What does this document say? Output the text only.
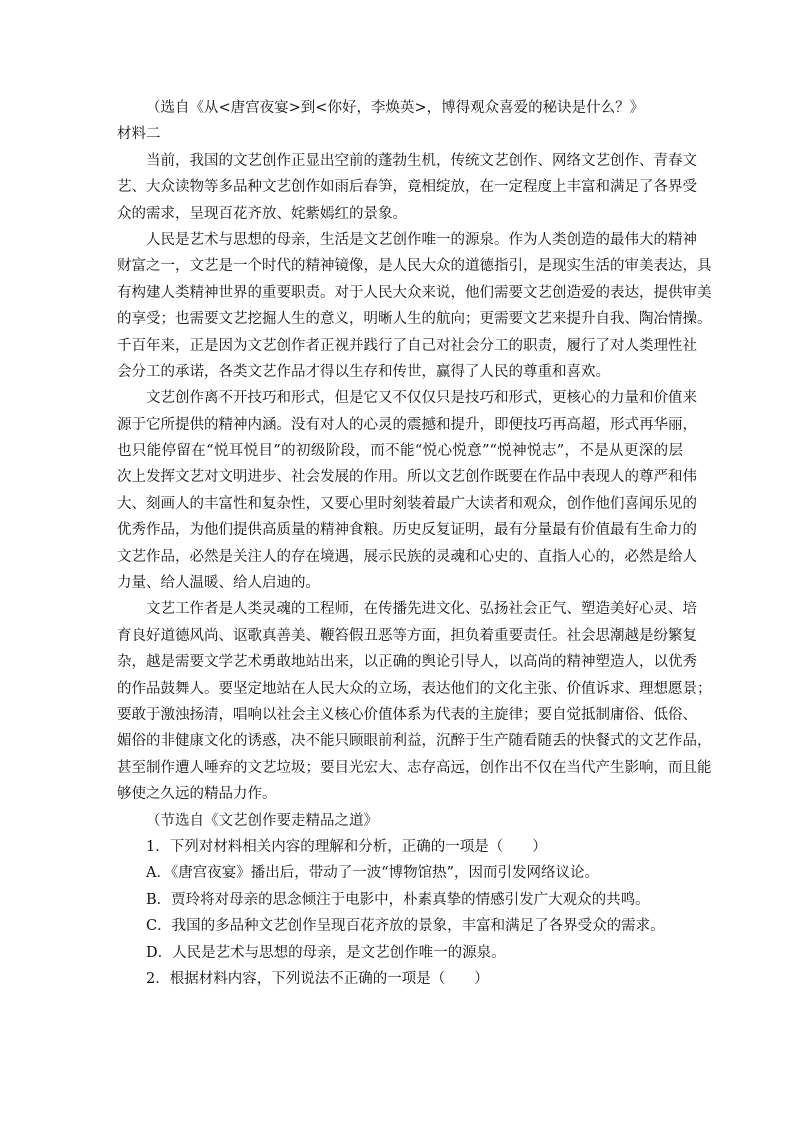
（选自《从<唐宫夜宴>到<你好，李焕英>，博得观众喜爱的秘诀是什么？》
材料二
当前，我国的文艺创作正显出空前的蓬勃生机，传统文艺创作、网络文艺创作、青春文
艺、大众读物等多品种文艺创作如雨后春笋，竟相绽放，在一定程度上丰富和满足了各界受
众的需求，呈现百花齐放、姹紫嫣红的景象。
人民是艺术与思想的母亲，生活是文艺创作唯一的源泉。作为人类创造的最伟大的精神
财富之一，文艺是一个时代的精神镜像，是人民大众的道德指引，是现实生活的审美表达，具
有构建人类精神世界的重要职责。对于人民大众来说，他们需要文艺创造爱的表达，提供审美
的享受；也需要文艺挖掘人生的意义，明晰人生的航向；更需要文艺来提升自我、陶冶情操。
千百年来，正是因为文艺创作者正视并践行了自己对社会分工的职责，履行了对人类理性社
会分工的承诺，各类文艺作品才得以生存和传世，赢得了人民的尊重和喜欢。
文艺创作离不开技巧和形式，但是它又不仅仅只是技巧和形式，更核心的力量和价值来
源于它所提供的精神内涵。没有对人的心灵的震撼和提升，即便技巧再高超，形式再华丽，
也只能停留在“悦耳悦目”的初级阶段，而不能“悦心悦意”“悦神悦志”，不是从更深的层
次上发挥文艺对文明进步、社会发展的作用。所以文艺创作既要在作品中表现人的尊严和伟
大、刻画人的丰富性和复杂性，又要心里时刻装着最广大读者和观众，创作他们喜闻乐见的
优秀作品，为他们提供高质量的精神食粮。历史反复证明，最有分量最有价值最有生命力的
文艺作品，必然是关注人的存在境遇，展示民族的灵魂和心史的、直指人心的，必然是给人
力量、给人温暖、给人启迪的。
文艺工作者是人类灵魂的工程师，在传播先进文化、弘扬社会正气、塑造美好心灵、培
育良好道德风尚、讴歌真善美、鞭笞假丑恶等方面，担负着重要责任。社会思潮越是纷繁复
杂，越是需要文学艺术勇敢地站出来，以正确的舆论引导人，以高尚的精神塑造人，以优秀
的作品鼓舞人。要坚定地站在人民大众的立场，表达他们的文化主张、价值诉求、理想愿景；
要敢于激浊扬清，唱响以社会主义核心价值体系为代表的主旋律；要自觉抵制庸俗、低俗、
媚俗的非健康文化的诱惑，决不能只顾眼前利益，沉醉于生产随看随丢的快餐式的文艺作品，
甚至制作遭人唾弃的文艺垃圾；要目光宏大、志存高远，创作出不仅在当代产生影响，而且能
够使之久远的精品力作。
（节选自《文艺创作要走精品之道》
1．下列对材料相关内容的理解和分析，正确的一项是（　　）
A．《唐宫夜宴》播出后，带动了一波“博物馆热”，因而引发网络议论。
B．贾玲将对母亲的思念倾注于电影中，朴素真挚的情感引发广大观众的共鸣。
C．我国的多品种文艺创作呈现百花齐放的景象，丰富和满足了各界受众的需求。
D．人民是艺术与思想的母亲，是文艺创作唯一的源泉。
2．根据材料内容，下列说法不正确的一项是（　　）
